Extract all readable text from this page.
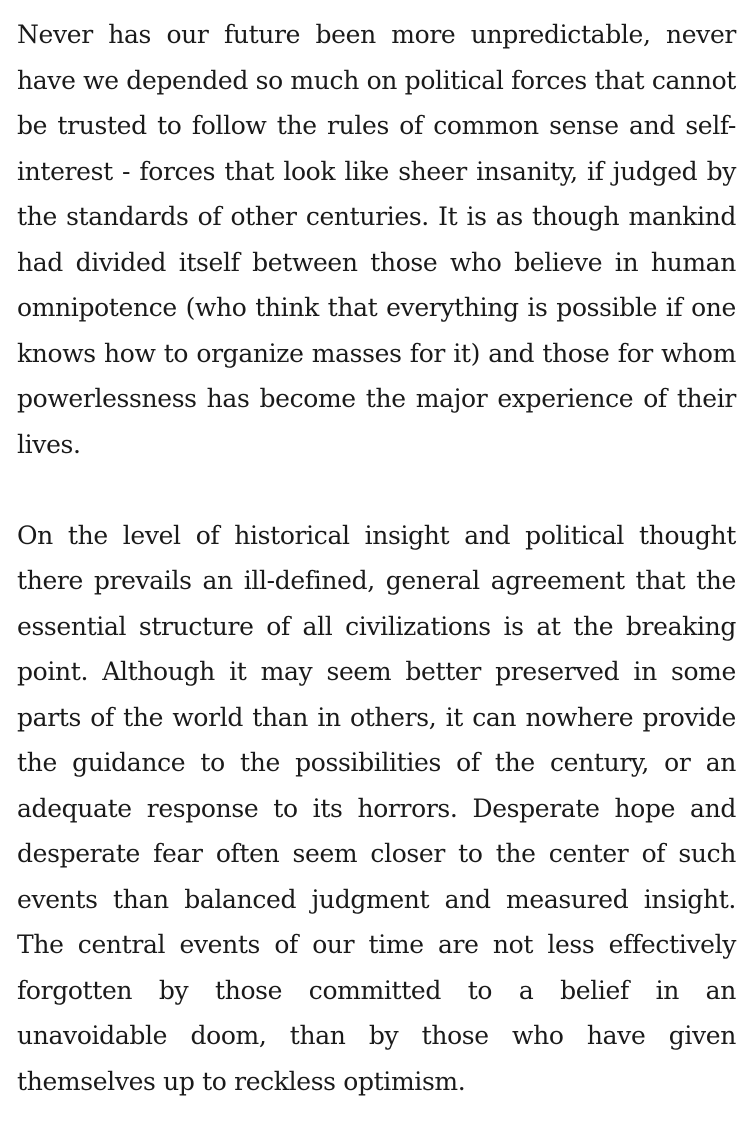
Never has our future been more unpredictable, never have we depended so much on political forces that cannot be trusted to follow the rules of common sense and self-interest - forces that look like sheer insanity, if judged by the standards of other centuries. It is as though mankind had divided itself between those who believe in human omnipotence (who think that everything is possible if one knows how to organize masses for it) and those for whom powerlessness has become the major experience of their lives.

On the level of historical insight and political thought there prevails an ill-defined, general agreement that the essential structure of all civilizations is at the breaking point. Although it may seem better preserved in some parts of the world than in others, it can nowhere provide the guidance to the possibilities of the century, or an adequate response to its horrors. Desperate hope and desperate fear often seem closer to the center of such events than balanced judgment and measured insight. The central events of our time are not less effectively forgotten by those committed to a belief in an unavoidable doom, than by those who have given themselves up to reckless optimism.
